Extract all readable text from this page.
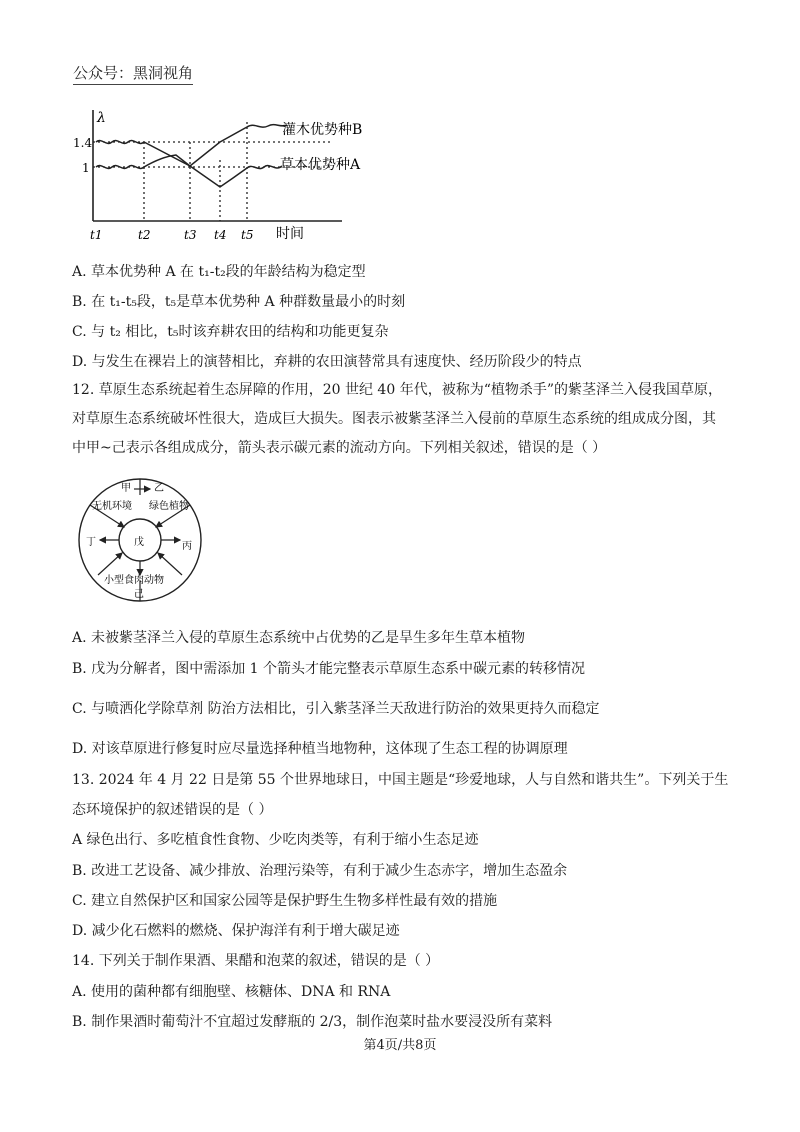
公众号：黑洞视角
λ
1.4
1
灌木优势种B
草本优势种A
t1	t2	t3 t4 t5 时间
A. 草本优势种 A 在 t₁-t₂段的年龄结构为稳定型
B. 在 t₁-t₅段，t₅是草本优势种 A 种群数量最小的时刻
C. 与 t₂ 相比，t₅时该弃耕农田的结构和功能更复杂
D. 与发生在裸岩上的演替相比，弃耕的农田演替常具有速度快、经历阶段少的特点
12. 草原生态系统起着生态屏障的作用，20 世纪 40 年代，被称为“植物杀手”的紫茎泽兰入侵我国草原，对草原生态系统破坏性很大，造成巨大损失。图表示被紫茎泽兰入侵前的草原生态系统的组成成分图，其中甲~己表示各组成成分，箭头表示碳元素的流动方向。下列相关叙述，错误的是（ ）
甲 乙
无机环境 绿色植物
丁	戊	丙
小型食肉动物
己
A. 未被紫茎泽兰入侵的草原生态系统中占优势的乙是旱生多年生草本植物
B. 戊为分解者，图中需添加 1 个箭头才能完整表示草原生态系中碳元素的转移情况
C. 与喷洒化学除草剂 防治方法相比，引入紫茎泽兰天敌进行防治的效果更持久而稳定
D. 对该草原进行修复时应尽量选择种植当地物种，这体现了生态工程的协调原理
13. 2024 年 4 月 22 日是第 55 个世界地球日，中国主题是“珍爱地球，人与自然和谐共生”。下列关于生
态环境保护的叙述错误的是（ ）
A 绿色出行、多吃植食性食物、少吃肉类等，有利于缩小生态足迹
B. 改进工艺设备、减少排放、治理污染等，有利于减少生态赤字，增加生态盈余
C. 建立自然保护区和国家公园等是保护野生生物多样性最有效的措施
D. 减少化石燃料的燃烧、保护海洋有利于增大碳足迹
14. 下列关于制作果酒、果醋和泡菜的叙述，错误的是（ ）
A. 使用的菌种都有细胞壁、核糖体、DNA 和 RNA
B. 制作果酒时葡萄汁不宜超过发酵瓶的 2/3，制作泡菜时盐水要浸没所有菜料
第4页/共8页
